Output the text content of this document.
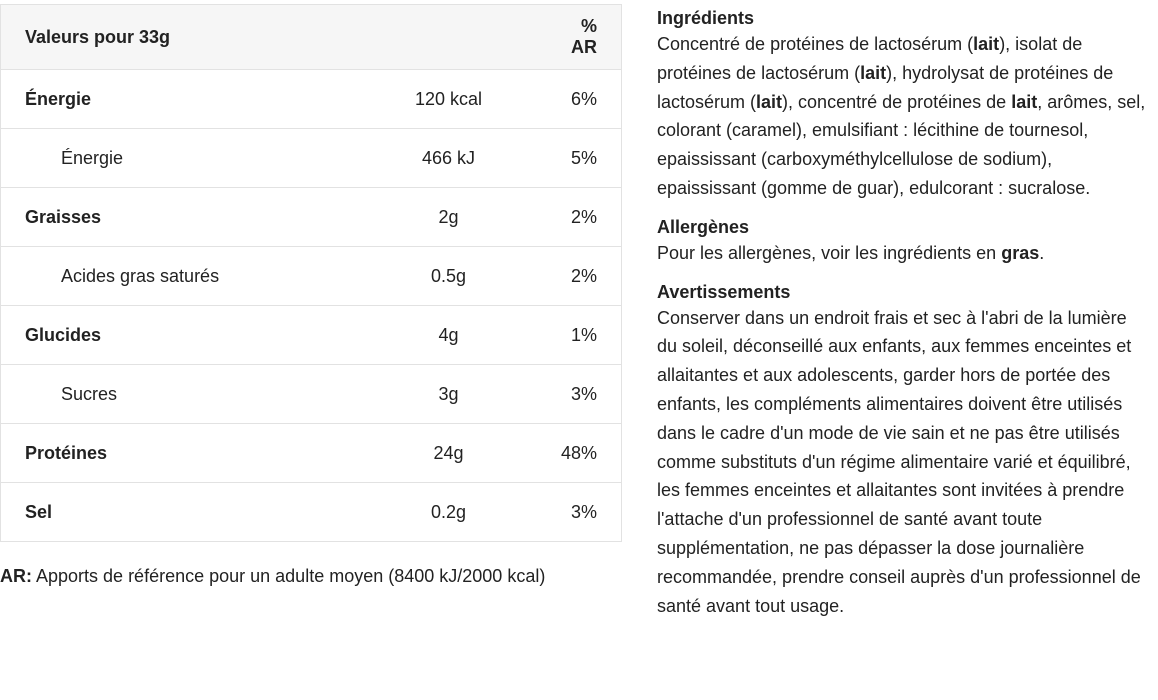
Valeurs pour 33g		% AR
Énergie	120 kcal	6%
Énergie	466 kJ	5%
Graisses	2g	2%
Acides gras saturés	0.5g	2%
Glucides	4g	1%
Sucres	3g	3%
Protéines	24g	48%
Sel	0.2g	3%
AR: Apports de référence pour un adulte moyen (8400 kJ/2000 kcal)
Ingrédients

Concentré de protéines de lactosérum (lait), isolat de protéines de lactosérum (lait), hydrolysat de protéines de lactosérum (lait), concentré de protéines de lait, arômes, sel, colorant (caramel), emulsifiant : lécithine de tournesol, epaississant (carboxyméthylcellulose de sodium), epaississant (gomme de guar), edulcorant : sucralose.

Allergènes

Pour les allergènes, voir les ingrédients en gras.

Avertissements

Conserver dans un endroit frais et sec à l'abri de la lumière du soleil, déconseillé aux enfants, aux femmes enceintes et allaitantes et aux adolescents, garder hors de portée des enfants, les compléments alimentaires doivent être utilisés dans le cadre d'un mode de vie sain et ne pas être utilisés comme substituts d'un régime alimentaire varié et équilibré, les femmes enceintes et allaitantes sont invitées à prendre l'attache d'un professionnel de santé avant toute supplémentation, ne pas dépasser la dose journalière recommandée, prendre conseil auprès d'un professionnel de santé avant tout usage.
